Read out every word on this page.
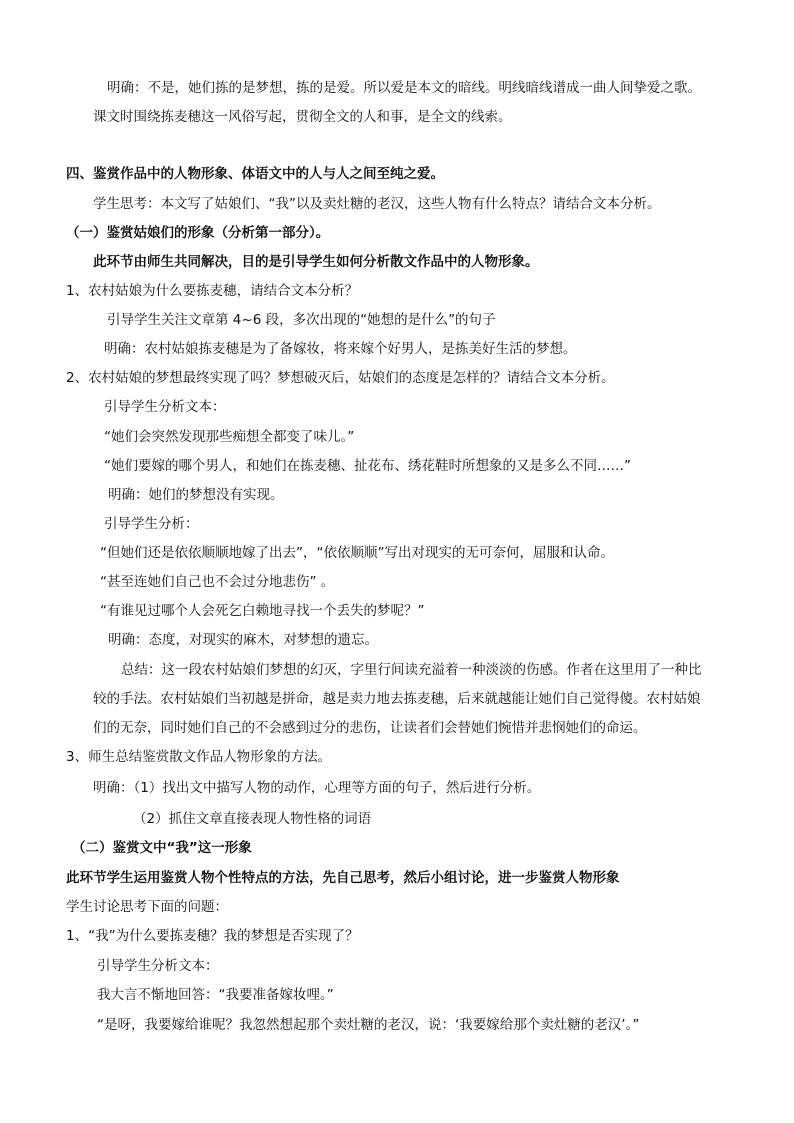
明确：不是，她们拣的是梦想，拣的是爱。所以爱是本文的暗线。明线暗线谱成一曲人间挚爱之歌。
课文时围绕拣麦穗这一风俗写起，贯彻全文的人和事，是全文的线索。
四、鉴赏作品中的人物形象、体语文中的人与人之间至纯之爱。
学生思考：本文写了姑娘们、“我”以及卖灶糖的老汉，这些人物有什么特点？请结合文本分析。
（一）鉴赏姑娘们的形象（分析第一部分）。
此环节由师生共同解决，目的是引导学生如何分析散文作品中的人物形象。
1、农村姑娘为什么要拣麦穗，请结合文本分析？
引导学生关注文章第 4~6 段，多次出现的“她想的是什么”的句子
明确：农村姑娘拣麦穗是为了备嫁妆，将来嫁个好男人，是拣美好生活的梦想。
2、农村姑娘的梦想最终实现了吗？梦想破灭后，姑娘们的态度是怎样的？请结合文本分析。
引导学生分析文本：
“她们会突然发现那些痴想全都变了味儿。”
“她们要嫁的哪个男人，和她们在拣麦穗、扯花布、绣花鞋时所想象的又是多么不同……”
明确：她们的梦想没有实现。
引导学生分析：
“但她们还是依依顺顺地嫁了出去”，“依依顺顺”写出对现实的无可奈何，屈服和认命。
“甚至连她们自己也不会过分地悲伤” 。
“有谁见过哪个人会死乞白赖地寻找一个丢失的梦呢？”
明确：态度，对现实的麻木，对梦想的遗忘。
总结：这一段农村姑娘们梦想的幻灭，字里行间读充溢着一种淡淡的伤感。作者在这里用了一种比
较的手法。农村姑娘们当初越是拼命，越是卖力地去拣麦穗，后来就越能让她们自己觉得傻。农村姑娘
们的无奈，同时她们自己的不会感到过分的悲伤，让读者们会替她们惋惜并悲悯她们的命运。
3、师生总结鉴赏散文作品人物形象的方法。
明确：（1）找出文中描写人物的动作，心理等方面的句子，然后进行分析。
（2）抓住文章直接表现人物性格的词语
（二）鉴赏文中“我”这一形象
此环节学生运用鉴赏人物个性特点的方法，先自己思考，然后小组讨论，进一步鉴赏人物形象
学生讨论思考下面的问题：
1、“我”为什么要拣麦穗？我的梦想是否实现了？
引导学生分析文本：
我大言不惭地回答：“我要准备嫁妆哩。”
“是呀，我要嫁给谁呢？我忽然想起那个卖灶糖的老汉，说：‘我要嫁给那个卖灶糖的老汉’。”
